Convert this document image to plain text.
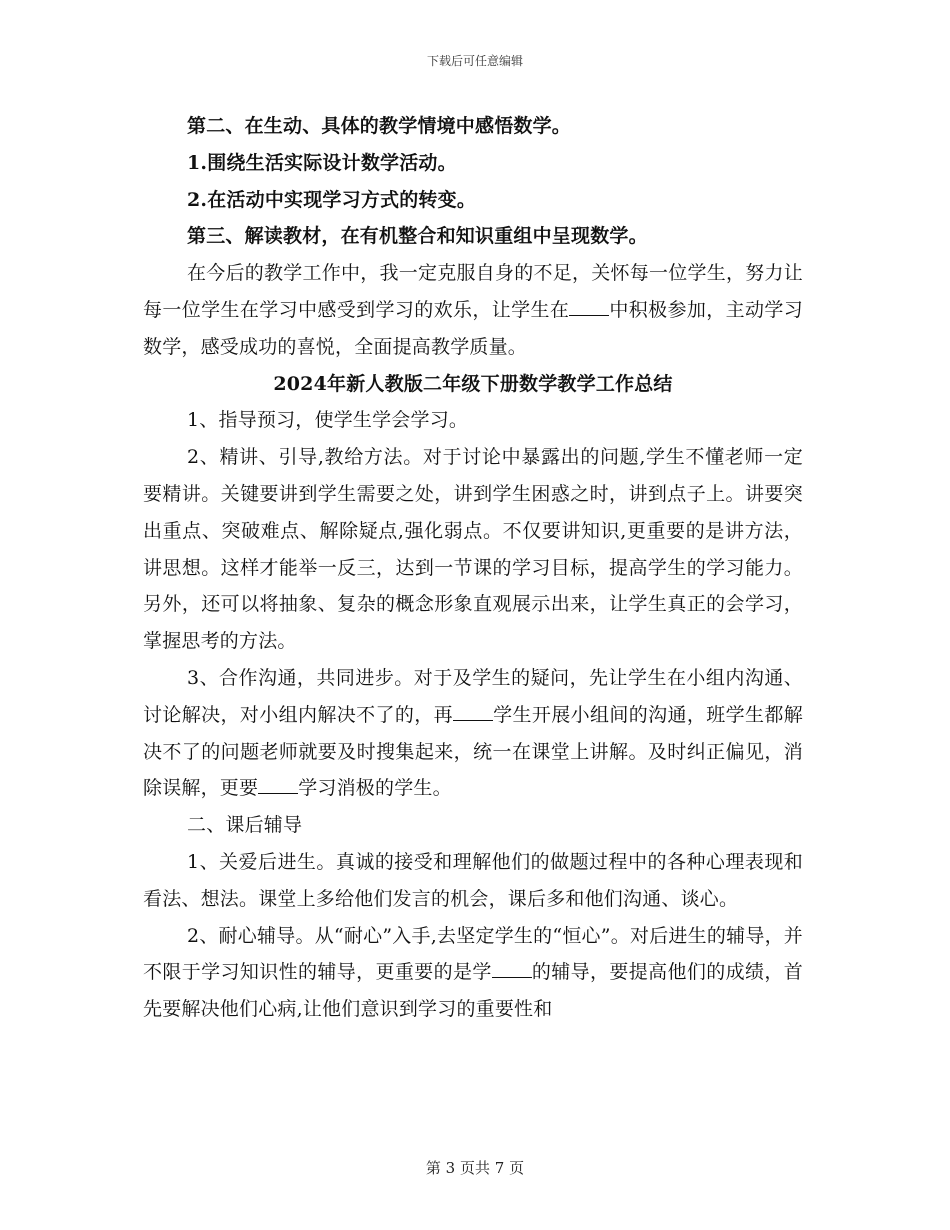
下载后可任意编辑

第二、在生动、具体的教学情境中感悟数学。

1.围绕生活实际设计数学活动。

2.在活动中实现学习方式的转变。

第三、解读教材，在有机整合和知识重组中呈现数学。

在今后的教学工作中，我一定克服自身的不足，关怀每一位学生，努力让每一位学生在学习中感受到学习的欢乐，让学生在 中积极参加，主动学习数学，感受成功的喜悦，全面提高教学质量。

2024年新人教版二年级下册数学教学工作总结

1、指导预习，使学生学会学习。

2、精讲、引导,教给方法。对于讨论中暴露出的问题,学生不懂老师一定要精讲。关键要讲到学生需要之处，讲到学生困惑之时，讲到点子上。讲要突出重点、突破难点、解除疑点,强化弱点。不仅要讲知识,更重要的是讲方法，讲思想。这样才能举一反三，达到一节课的学习目标，提高学生的学习能力。另外，还可以将抽象、复杂的概念形象直观展示出来，让学生真正的会学习，掌握思考的方法。

3、合作沟通，共同进步。对于及学生的疑问，先让学生在小组内沟通、讨论解决，对小组内解决不了的，再 学生开展小组间的沟通，班学生都解决不了的问题老师就要及时搜集起来，统一在课堂上讲解。及时纠正偏见，消除误解，更要 学习消极的学生。

二、课后辅导

1、关爱后进生。真诚的接受和理解他们的做题过程中的各种心理表现和看法、想法。课堂上多给他们发言的机会，课后多和他们沟通、谈心。

2、耐心辅导。从“耐心”入手,去坚定学生的“恒心”。对后进生的辅导，并不限于学习知识性的辅导，更重要的是学 的辅导，要提高他们的成绩，首先要解决他们心病,让他们意识到学习的重要性和

第 3 页共 7 页
